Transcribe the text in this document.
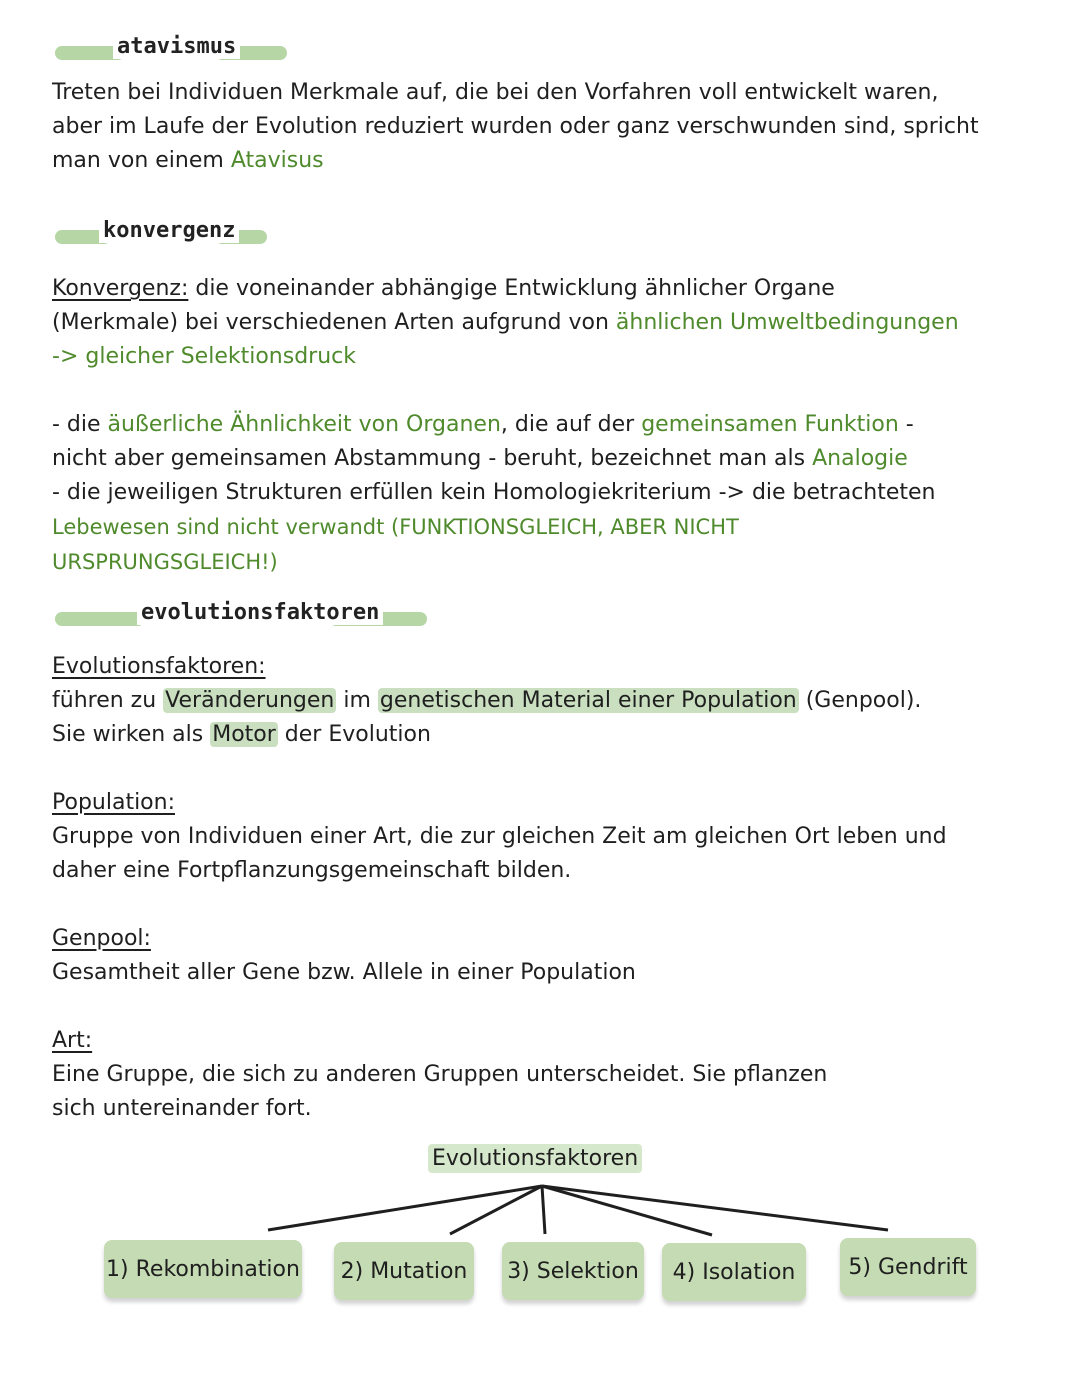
atavismus

Treten bei Individuen Merkmale auf, die bei den Vorfahren voll entwickelt waren, aber im Laufe der Evolution reduziert wurden oder ganz verschwunden sind, spricht man von einem Atavisus

konvergenz

Konvergenz: die voneinander abhängige Entwicklung ähnlicher Organe (Merkmale) bei verschiedenen Arten aufgrund von ähnlichen Umweltbedingungen -> gleicher Selektionsdruck

- die äußerliche Ähnlichkeit von Organen, die auf der gemeinsamen Funktion - nicht aber gemeinsamen Abstammung - beruht, bezeichnet man als Analogie

- die jeweiligen Strukturen erfüllen kein Homologiekriterium -> die betrachteten Lebewesen sind nicht verwandt (FUNKTIONSGLEICH, ABER NICHT URSPRUNGSGLEICH!)

evolutionsfaktoren
Evolutionsfaktoren:
führen zu Veränderungen im genetischen Material einer Population (Genpool).
Sie wirken als Motor der Evolution
Population:
Gruppe von Individuen einer Art, die zur gleichen Zeit am gleichen Ort leben und daher eine Fortpflanzungsgemeinschaft bilden.
Genpool:
Gesamtheit aller Gene bzw. Allele in einer Population
Art:
Eine Gruppe, die sich zu anderen Gruppen unterscheidet. Sie pflanzen sich untereinander fort.
Evolutionsfaktoren
1) Rekombination	2) Mutation	3) Selektion	4) Isolation	5) Gendrift
